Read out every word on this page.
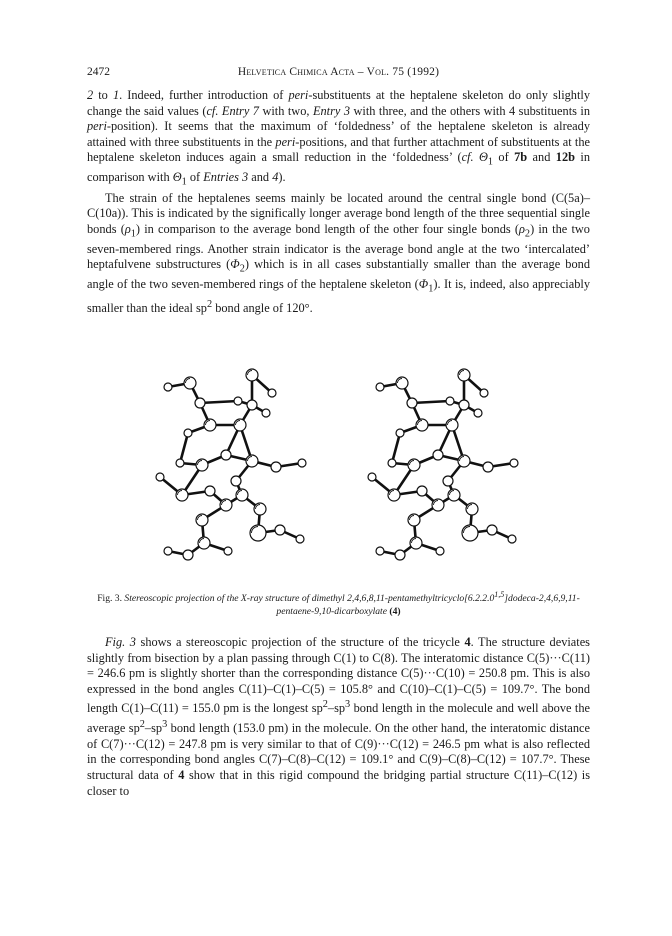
2472	Helvetica Chimica Acta – Vol. 75 (1992)

2 to 1. Indeed, further introduction of peri-substituents at the heptalene skeleton do only slightly change the said values (cf. Entry 7 with two, Entry 3 with three, and the others with 4 substituents in peri-position). It seems that the maximum of ‘foldedness’ of the heptalene skeleton is already attained with three substituents in the peri-positions, and that further attachment of substituents at the heptalene skeleton induces again a small reduction in the ‘foldedness’ (cf. $\Theta_1$ of 7b and 12b in comparison with $\Theta_1$ of Entries 3 and 4).

The strain of the heptalenes seems mainly be located around the central single bond (C(5a)–C(10a)). This is indicated by the significally longer average bond length of the three sequential single bonds $(\rho_1)$ in comparison to the average bond length of the other four single bonds $(\rho_2)$ in the two seven-membered rings. Another strain indicator is the average bond angle at the two ‘intercalated’ heptafulvene substructures $(\Phi_2)$ which is in all cases substantially smaller than the average bond angle of the two seven-membered rings of the heptalene skeleton $(\Phi_1)$. It is, indeed, also appreciably smaller than the ideal $sp^2$ bond angle of 120°.

Fig. 3. Stereoscopic projection of the X-ray structure of dimethyl 2,4,6,8,11-pentamethyltricyclo[6.2.2.0$^{1,5}$]dodeca-2,4,6,9,11-pentaene-9,10-dicarboxylate (4)

Fig. 3 shows a stereoscopic projection of the structure of the tricycle 4. The structure deviates slightly from bisection by a plan passing through C(1) to C(8). The interatomic distance C(5)···C(11) = 246.6 pm is slightly shorter than the corresponding distance C(5)···C(10) = 250.8 pm. This is also expressed in the bond angles C(11)–C(1)–C(5) = 105.8° and C(10)–C(1)–C(5) = 109.7°. The bond length C(1)–C(11) = 155.0 pm is the longest $sp^2-sp^3$ bond length in the molecule and well above the average $sp^2-sp^3$ bond length (153.0 pm) in the molecule. On the other hand, the interatomic distance of C(7)···C(12) = 247.8 pm is very similar to that of C(9)···C(12) = 246.5 pm what is also reflected in the corresponding bond angles C(7)–C(8)–C(12) = 109.1° and C(9)–C(8)–C(12) = 107.7°. These structural data of 4 show that in this rigid compound the bridging partial structure C(11)–C(12) is closer to
